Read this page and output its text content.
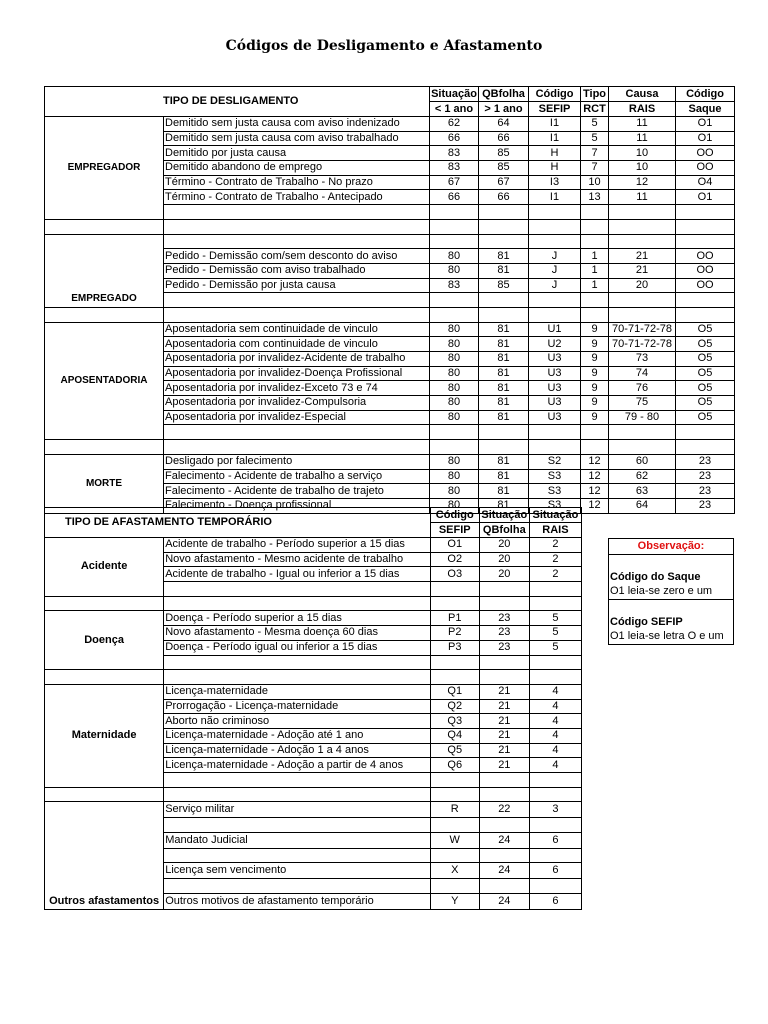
Códigos de Desligamento e Afastamento
TIPO DE DESLIGAMENTO		Situação	QBfolha	Código	Tipo	Causa	Código
		< 1 ano	> 1 ano	SEFIP	RCT	RAIS	Saque
EMPREGADOR	Demitido sem justa causa com aviso indenizado	62	64	I1	5	11	O1
	Demitido sem justa causa com aviso trabalhado	66	66	I1	5	11	O1
	Demitido por justa causa	83	85	H	7	10	OO
	Demitido abandono de emprego	83	85	H	7	10	OO
	Término - Contrato de Trabalho - No prazo	67	67	I3	10	12	O4
	Término - Contrato de Trabalho - Antecipado	66	66	I1	13	11	O1

EMPREGADO							
	Pedido - Demissão com/sem desconto do aviso	80	81	J	1	21	OO
	Pedido - Demissão com aviso trabalhado	80	81	J	1	21	OO
	Pedido - Demissão por justa causa	83	85	J	1	20	OO

APOSENTADORIA	Aposentadoria sem continuidade de vinculo	80	81	U1	9	70-71-72-78	O5
	Aposentadoria com continuidade de vinculo	80	81	U2	9	70-71-72-78	O5
	Aposentadoria por invalidez-Acidente de trabalho	80	81	U3	9	73	O5
	Aposentadoria por invalidez-Doença Profissional	80	81	U3	9	74	O5
	Aposentadoria por invalidez-Exceto 73 e 74	80	81	U3	9	76	O5
	Aposentadoria por invalidez-Compulsoria	80	81	U3	9	75	O5
	Aposentadoria por invalidez-Especial	80	81	U3	9	79 - 80	O5

MORTE	Desligado por falecimento	80	81	S2	12	60	23
	Falecimento - Acidente de trabalho a serviço	80	81	S3	12	62	23
	Falecimento - Acidente de trabalho de trajeto	80	81	S3	12	63	23
	Falecimento - Doença profissional	80	81	S3	12	64	23
TIPO DE AFASTAMENTO TEMPORÁRIO		Código	Situação	Situação
		SEFIP	QBfolha	RAIS
Acidente	Acidente de trabalho - Período superior a 15 dias	O1	20	2
	Novo afastamento - Mesmo acidente de trabalho	O2	20	2
	Acidente de trabalho - Igual ou inferior a 15 dias	O3	20	2

Doença	Doença - Período superior a 15 dias	P1	23	5
	Novo afastamento - Mesma doença 60 dias	P2	23	5
	Doença - Período igual ou inferior a 15 dias	P3	23	5

Maternidade	Licença-maternidade	Q1	21	4
	Prorrogação - Licença-maternidade	Q2	21	4
	Aborto não criminoso	Q3	21	4
	Licença-maternidade - Adoção até 1 ano	Q4	21	4
	Licença-maternidade - Adoção 1 a 4 anos	Q5	21	4
	Licença-maternidade - Adoção a partir de 4 anos	Q6	21	4

Outros afastamentos	Serviço militar	R	22	3

	Mandato Judicial	W	24	6

	Licença sem vencimento	X	24	6

	Outros motivos de afastamento temporário	Y	24	6
Observação:

Código do Saque
O1 leia-se zero e um

Código SEFIP
O1 leia-se letra O e um
